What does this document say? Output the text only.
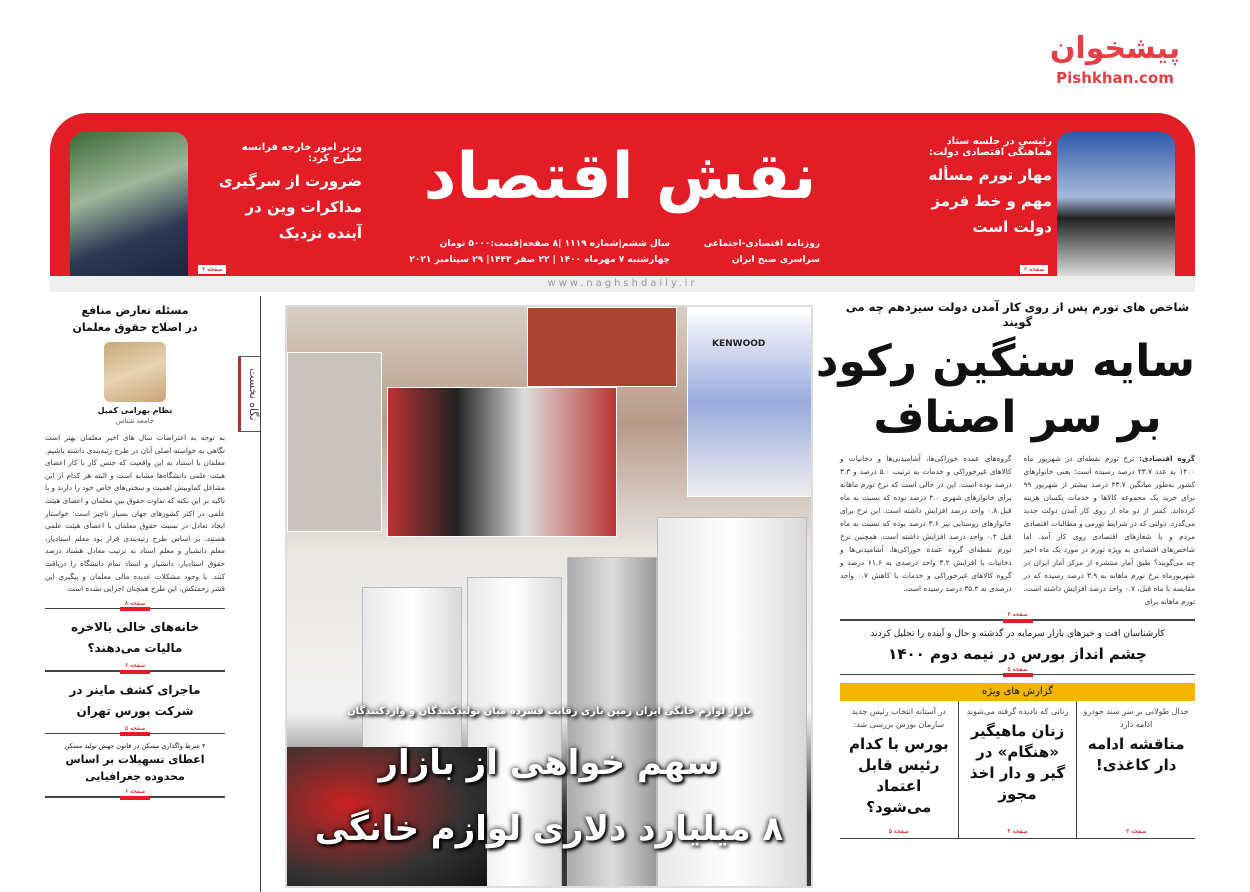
وزیر امور خارجه فرانسه
مطرح کرد:
ضرورت از سرگیری
مذاکرات وین در
آینده نزدیک
صفحه ۲
نقش اقتصاد
سال ششم|شماره ۱۱۱۹ |۸ صفحه|قیمت:۵۰۰۰ تومان
چهارشنبه ۷ مهرماه ۱۴۰۰ | ۲۲ صفر ۱۴۴۳| ۲۹ سپتامبر ۲۰۲۱
روزنامه اقتصادی-اجتماعی
سراسری صبح ایران
رئیسی در جلسه ستاد
هماهنگی اقتصادی دولت:
مهار تورم مسأله
مهم و خط قرمز
دولت است
صفحه ۲
www.naghshdaily.ir
نگاه نخست
مسئله تعارض منافع
در اصلاح حقوق معلمان
نظام بهرامی کمیل
جامعه شناس
به توجه به اعتراضات سال های اخیر معلمان بهتر است نگاهی به خواسته اصلی آنان در طرح رتبه‌بندی داشته باشیم. معلمان با استناد به این واقعیت که جنس کار با کار اعضای هیئت علمی دانشگاه‌ها مشابه است و البته هر کدام از این مشاغل کماوبیش اهمیت و سختی‌های خاص خود را دارند و با تاکید بر این نکته که تفاوت حقوق بین معلمان و اعضای هیئت علمی در اکثر کشورهای جهان بسیار ناچیز است؛ خواستار ایجاد تعادل در نسبت حقوق معلمان با اعضای هیئت علمی هستند. بر اساس طرح رتبه‌بندی قرار بود معلم استادیار، معلم دانشیار و معلم استاد به ترتیب معادل هشتاد درصد حقوق استادیار، دانشیار و استاد تمام دانشگاه را دریافت کنند. با وجود مشکلات عدیده مالی معلمان و پیگیری این قشر زحمتکش، این طرح همچنان اجرایی نشده است.
صفحه ۸
خانه‌های خالی بالاخره مالیات می‌دهند؟
صفحه ۶
ماجرای کشف ماینر در شرکت بورس تهران
صفحه ۵
۴ شرط واگذاری مسکن در قانون جهش تولید مسکن
اعطای تسهیلات بر اساس محدوده جغرافیایی
صفحه ۶
KENWOOD
بازار لوازم خانگی ایران زمین بازی رقابت فشرده میان تولیدکنندگان و واردکنندگان
سهم خواهی از بازار
۸ میلیارد دلاری لوازم خانگی
شاخص های تورم پس از روی کار آمدن دولت سیزدهم چه می گویند
سایه سنگین رکود
بر سر اصناف
گروه اقتصادی: نرخ تورم نقطه‌ای در شهریور ماه ۱۴۰۰ به عدد ۴۳.۷ درصد رسیده است؛ یعنی خانوارهای کشور به‌طور میانگین ۴۳.۷ درصد بیشتر از شهریور ۹۹ برای خرید یک مجموعه کالاها و خدمات یکسان هزینه کرده‌اند. کمتر از دو ماه از روی کار آمدن دولت جدید می‌گذرد. دولتی که در شرایط تورمی و مطالبات اقتصادی مردم و با شعارهای اقتصادی روی کار آمد. اما شاخص‌های اقتصادی به ویژه تورم در مورد یک ماه اخیر چه می‌گویند؟ طبق آمار منتشره از مرکز آمار ایران در شهریورماه نرخ تورم ماهانه به ۳.۹ درصد رسیده که در مقایسه با ماه قبل، ۰.۷ واحد درصد افزایش داشته است. تورم ماهانه برای
گروه‌های عمده خوراکی‌ها، آشامیدنی‌ها و دخانیات و کالاهای غیرخوراکی و خدمات به ترتیب ۵.۰ درصد و ۳.۳ درصد بوده است. این در حالی است که نرخ تورم ماهانه برای خانوارهای شهری ۴.۰ درصد بوده که نسبت به ماه قبل ۰.۸ واحد درصد افزایش داشته است. این نرخ برای خانوارهای روستایی نیز ۳.۶ درصد بوده که نسبت به ماه قبل ۰.۴ واحد درصد افزایش داشته است. همچنین نرخ تورم نقطه‌ای گروه عمده خوراکی‌ها، آشامیدنی‌ها و دخانیات با افزایش ۳.۲ واحد درصدی به ۶۱.۶ درصد و گروه کالاهای غیرخوراکی و خدمات با کاهش ۰.۷ واحد درصدی به ۳۵.۴ درصد رسیده است.
صفحه ۳
کارشناسان افت و خیزهای بازار سرمایه در گذشته و حال و آینده را تحلیل کردند
چشم انداز بورس در نیمه دوم ۱۴۰۰
صفحه ۵
گزارش های ویژه
جدال طولانی بر سر سند خودرو ادامه دارد
مناقشه ادامه دار کاغذی!
صفحه ۳
زنانی که نادیده گرفته می‌شوند
زنان ماهیگیر «هنگام» در گیر و دار اخذ مجوز
صفحه ۴
در آستانه انتخاب رئیس جدید سازمان بورس بررسی شد:
بورس با کدام رئیس قابل اعتماد می‌شود؟
صفحه ۵
پیشخوان
Pishkhan.com
